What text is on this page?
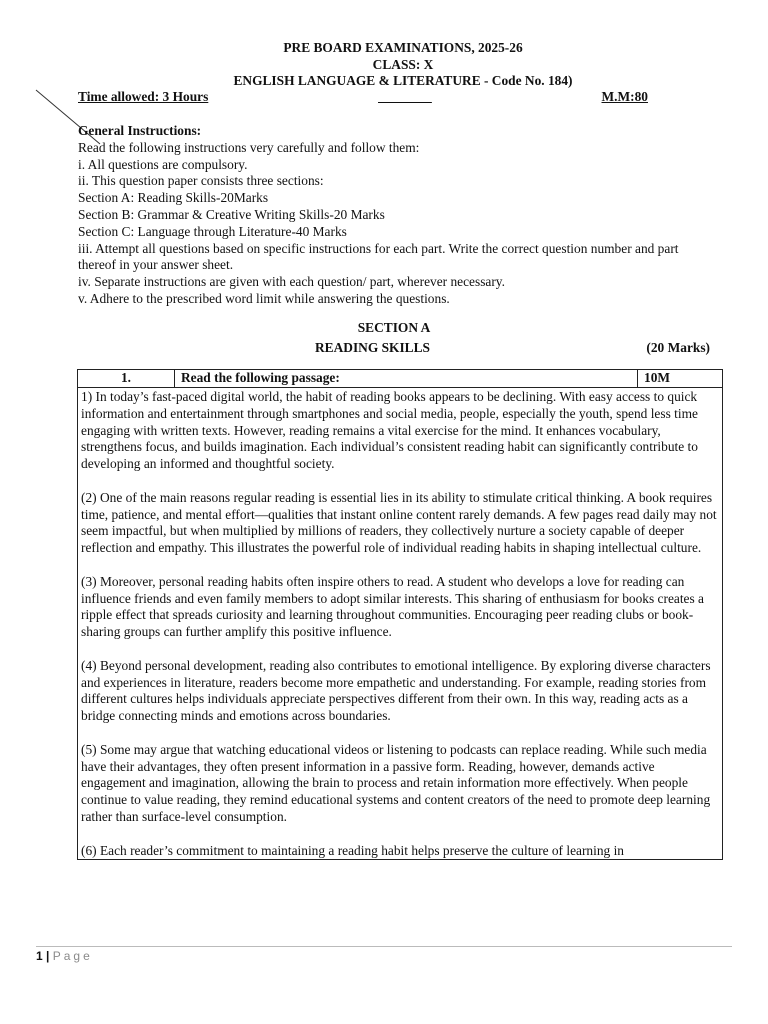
PRE BOARD EXAMINATIONS, 2025-26
CLASS: X
ENGLISH LANGUAGE & LITERATURE - Code No. 184)
Time allowed: 3 Hours	________	M.M:80
General Instructions:
Read the following instructions very carefully and follow them:
i. All questions are compulsory.
ii. This question paper consists three sections:
Section A: Reading Skills-20Marks
Section B: Grammar & Creative Writing Skills-20 Marks
Section C: Language through Literature-40 Marks
iii. Attempt all questions based on specific instructions for each part. Write the correct question number and part thereof in your answer sheet.
iv. Separate instructions are given with each question/ part, wherever necessary.
v. Adhere to the prescribed word limit while answering the questions.
SECTION A
READING SKILLS	(20 Marks)
1.	Read the following passage:	10M

1) In today’s fast-paced digital world, the habit of reading books appears to be declining. With easy access to quick information and entertainment through smartphones and social media, people, especially the youth, spend less time engaging with written texts. However, reading remains a vital exercise for the mind. It enhances vocabulary, strengthens focus, and builds imagination. Each individual’s consistent reading habit can significantly contribute to developing an informed and thoughtful society.

(2) One of the main reasons regular reading is essential lies in its ability to stimulate critical thinking. A book requires time, patience, and mental effort—qualities that instant online content rarely demands. A few pages read daily may not seem impactful, but when multiplied by millions of readers, they collectively nurture a society capable of deeper reflection and empathy. This illustrates the powerful role of individual reading habits in shaping intellectual culture.

(3) Moreover, personal reading habits often inspire others to read. A student who develops a love for reading can influence friends and even family members to adopt similar interests. This sharing of enthusiasm for books creates a ripple effect that spreads curiosity and learning throughout communities. Encouraging peer reading clubs or book-sharing groups can further amplify this positive influence.

(4) Beyond personal development, reading also contributes to emotional intelligence. By exploring diverse characters and experiences in literature, readers become more empathetic and understanding. For example, reading stories from different cultures helps individuals appreciate perspectives different from their own. In this way, reading acts as a bridge connecting minds and emotions across boundaries.

(5) Some may argue that watching educational videos or listening to podcasts can replace reading. While such media have their advantages, they often present information in a passive form. Reading, however, demands active engagement and imagination, allowing the brain to process and retain information more effectively. When people continue to value reading, they remind educational systems and content creators of the need to promote deep learning rather than surface-level consumption.

(6) Each reader’s commitment to maintaining a reading habit helps preserve the culture of learning in

1 | Page
